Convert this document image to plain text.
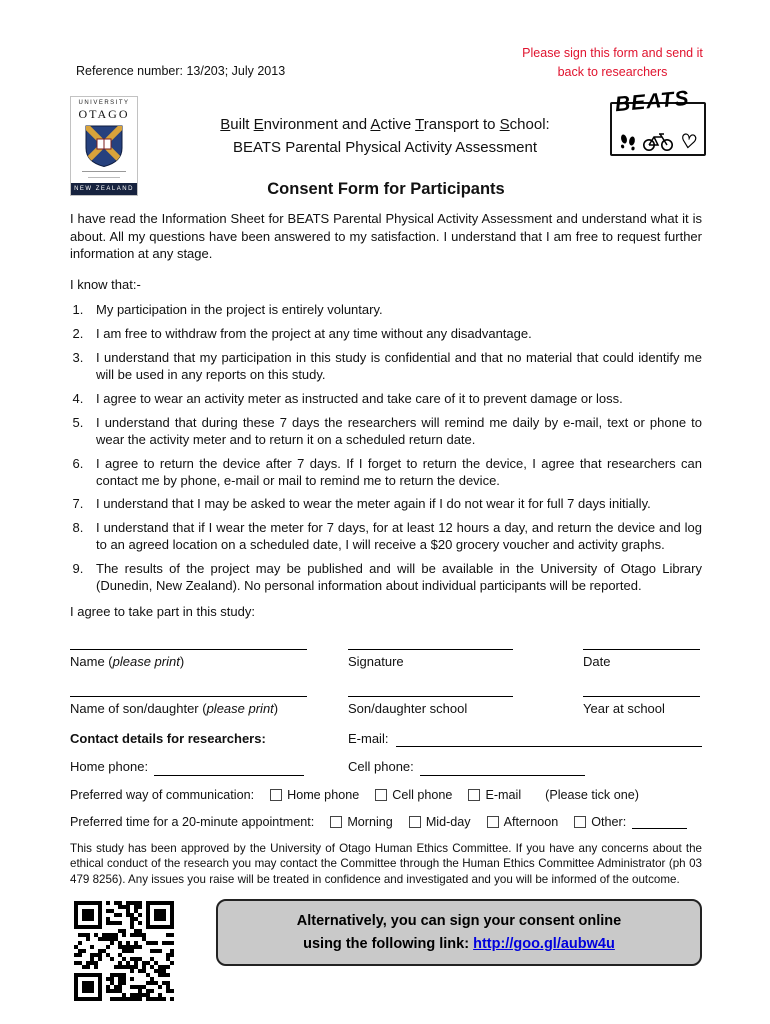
Reference number: 13/203; July 2013
Please sign this form and send it
back to researchers
UNIVERSITY
OTAGO
NEW ZEALAND
Built Environment and Active Transport to School:
BEATS Parental Physical Activity Assessment
BEATS
♡
Consent Form for Participants

I have read the Information Sheet for BEATS Parental Physical Activity Assessment and understand what it is about. All my questions have been answered to my satisfaction. I understand that I am free to request further information at any stage.

I know that:-

1. My participation in the project is entirely voluntary.
2. I am free to withdraw from the project at any time without any disadvantage.
3. I understand that my participation in this study is confidential and that no material that could identify me will be used in any reports on this study.
4. I agree to wear an activity meter as instructed and take care of it to prevent damage or loss.
5. I understand that during these 7 days the researchers will remind me daily by e-mail, text or phone to wear the activity meter and to return it on a scheduled return date.
6. I agree to return the device after 7 days. If I forget to return the device, I agree that researchers can contact me by phone, e-mail or mail to remind me to return the device.
7. I understand that I may be asked to wear the meter again if I do not wear it for full 7 days initially.
8. I understand that if I wear the meter for 7 days, for at least 12 hours a day, and return the device and log to an agreed location on a scheduled date, I will receive a $20 grocery voucher and activity graphs.
9. The results of the project may be published and will be available in the University of Otago Library (Dunedin, New Zealand). No personal information about individual participants will be reported.

I agree to take part in this study:

Name (please print)	Signature	Date
Name of son/daughter (please print)	Son/daughter school	Year at school
Contact details for researchers:	E-mail:
Home phone:	Cell phone:
Preferred way of communication:	Home phone	Cell phone	E-mail (Please tick one)
Preferred time for a 20-minute appointment:	Morning	Mid-day	Afternoon	Other:

This study has been approved by the University of Otago Human Ethics Committee. If you have any concerns about the ethical conduct of the research you may contact the Committee through the Human Ethics Committee Administrator (ph 03 479 8256). Any issues you raise will be treated in confidence and investigated and you will be informed of the outcome.

Alternatively, you can sign your consent online
using the following link: http://goo.gl/aubw4u
